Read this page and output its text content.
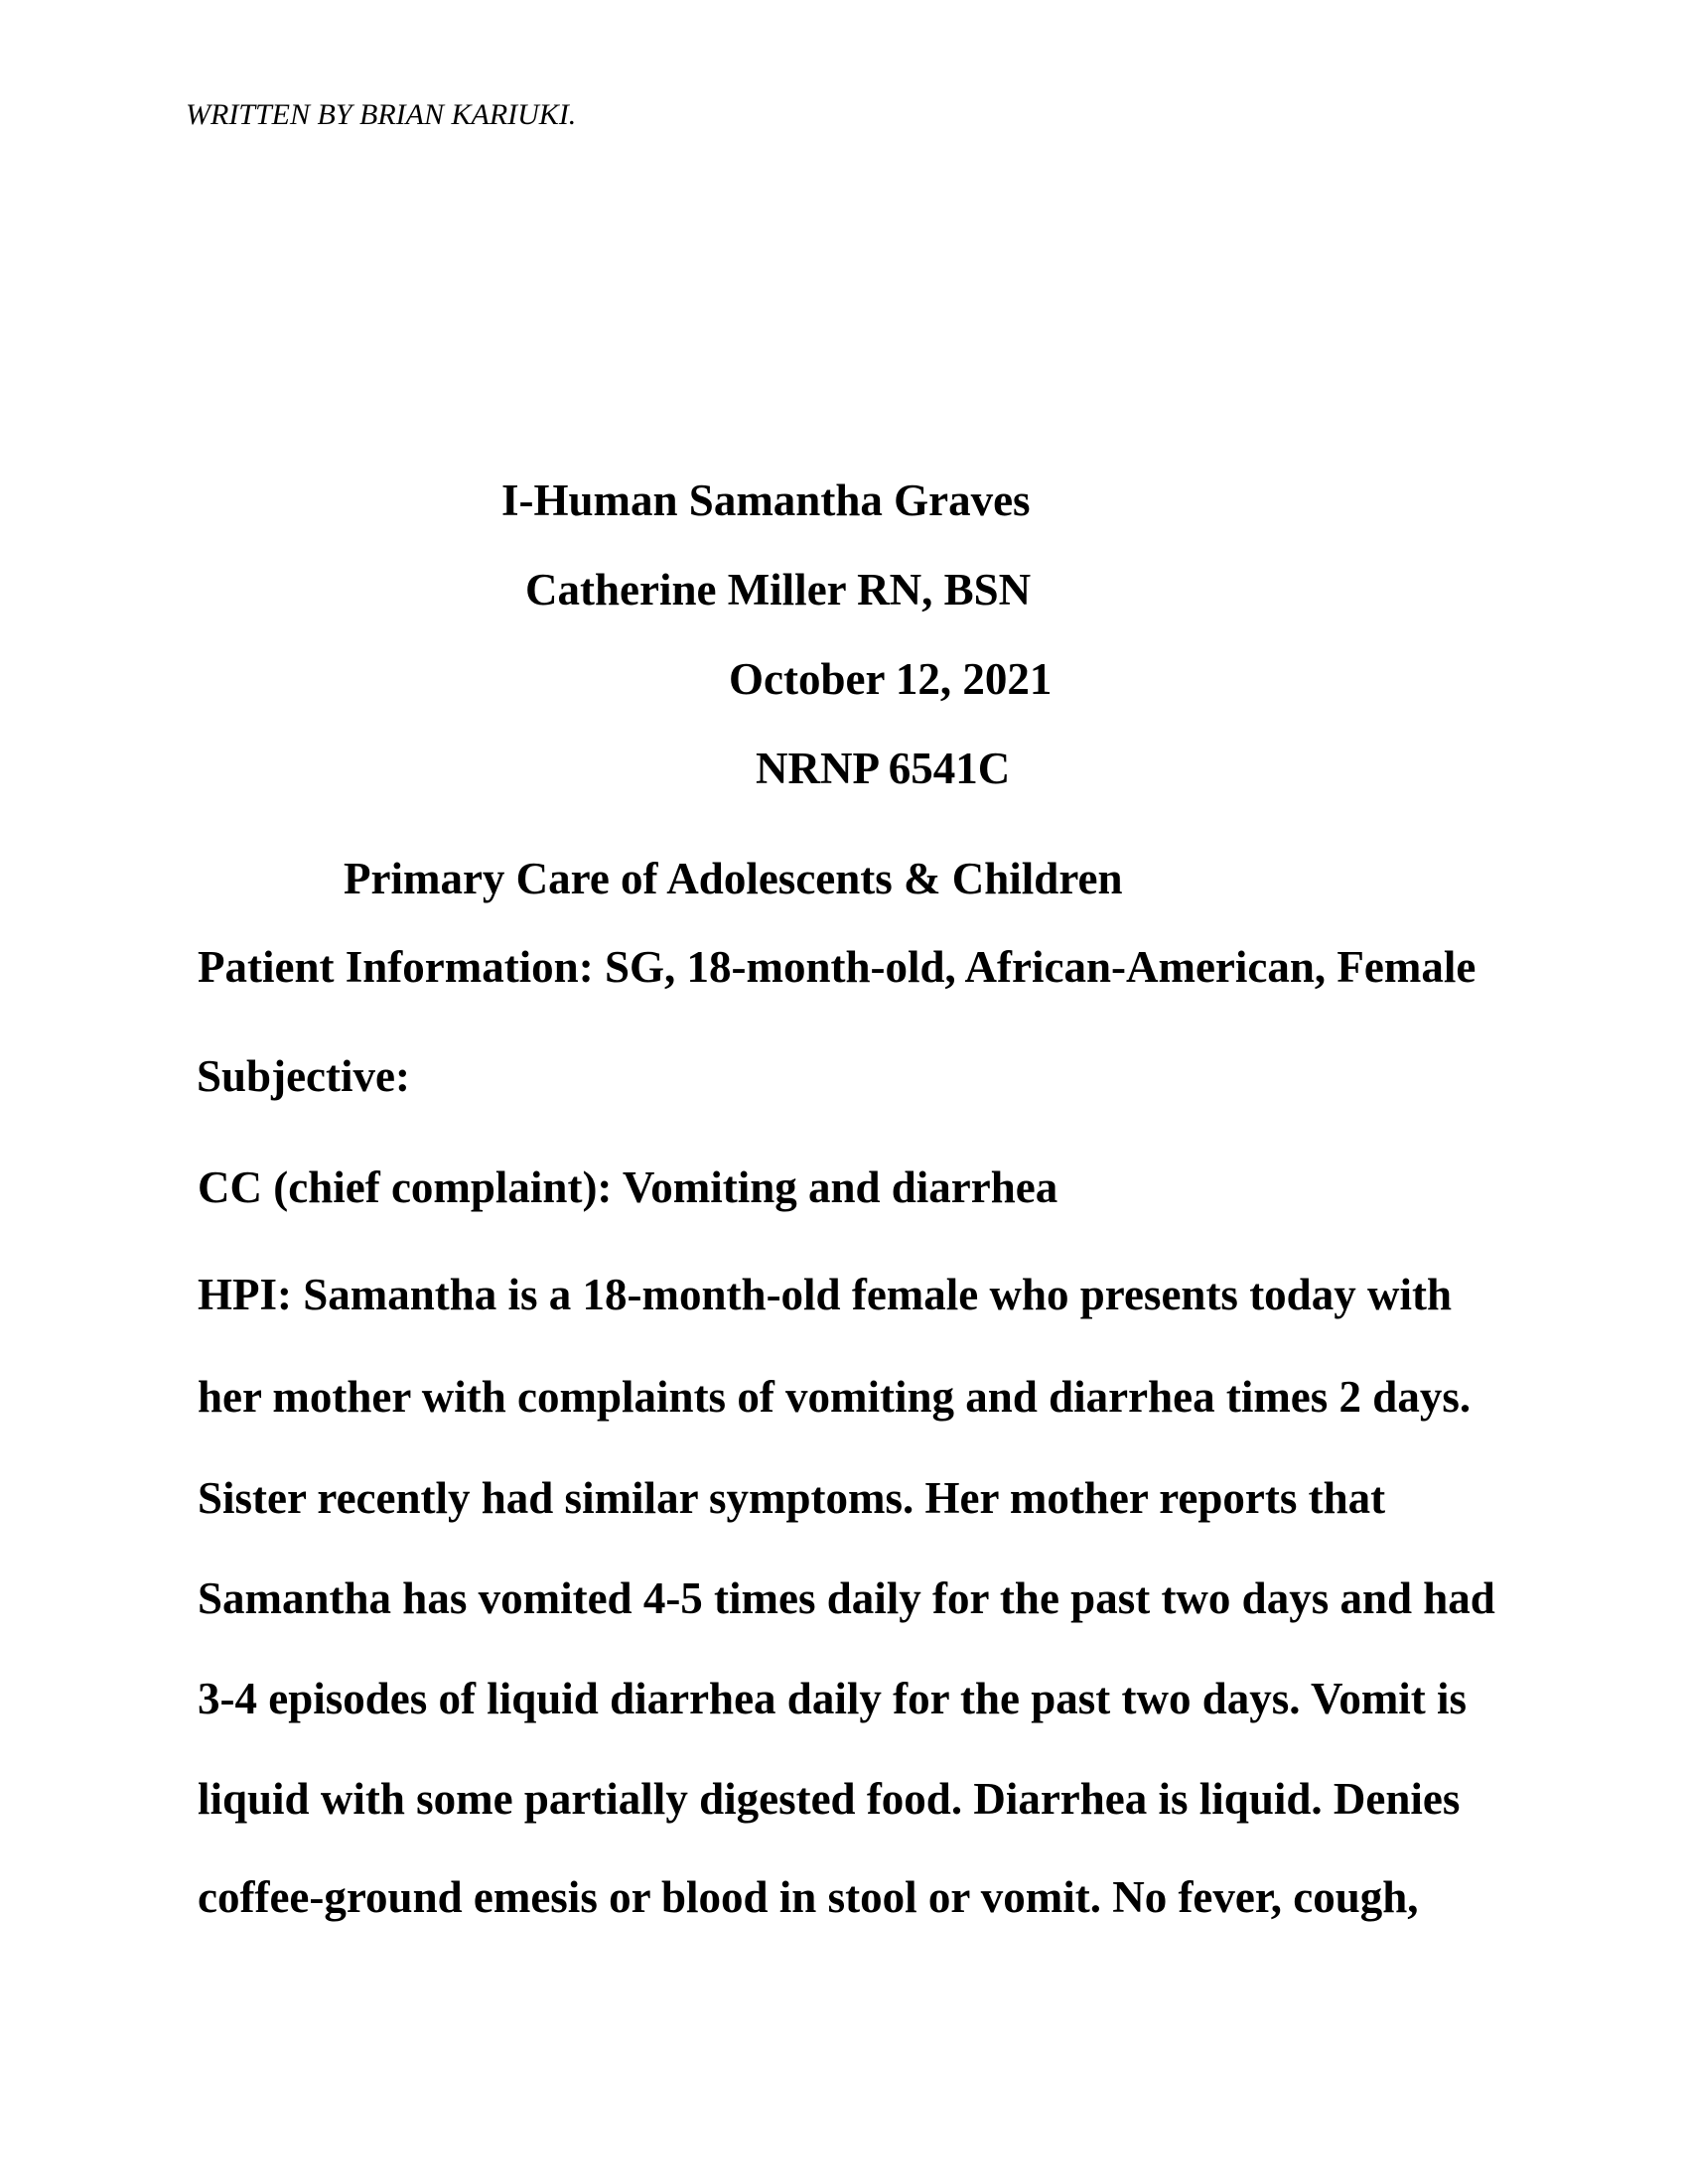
WRITTEN BY BRIAN KARIUKI.
I-Human Samantha Graves
Catherine Miller RN, BSN
October 12, 2021
NRNP 6541C
Primary Care of Adolescents & Children
Patient Information: SG, 18-month-old, African-American, Female
Subjective:
CC (chief complaint): Vomiting and diarrhea
HPI: Samantha is a 18-month-old female who presents today with
her mother with complaints of vomiting and diarrhea times 2 days.
Sister recently had similar symptoms. Her mother reports that
Samantha has vomited 4-5 times daily for the past two days and had
3-4 episodes of liquid diarrhea daily for the past two days. Vomit is
liquid with some partially digested food. Diarrhea is liquid. Denies
coffee-ground emesis or blood in stool or vomit. No fever, cough,
